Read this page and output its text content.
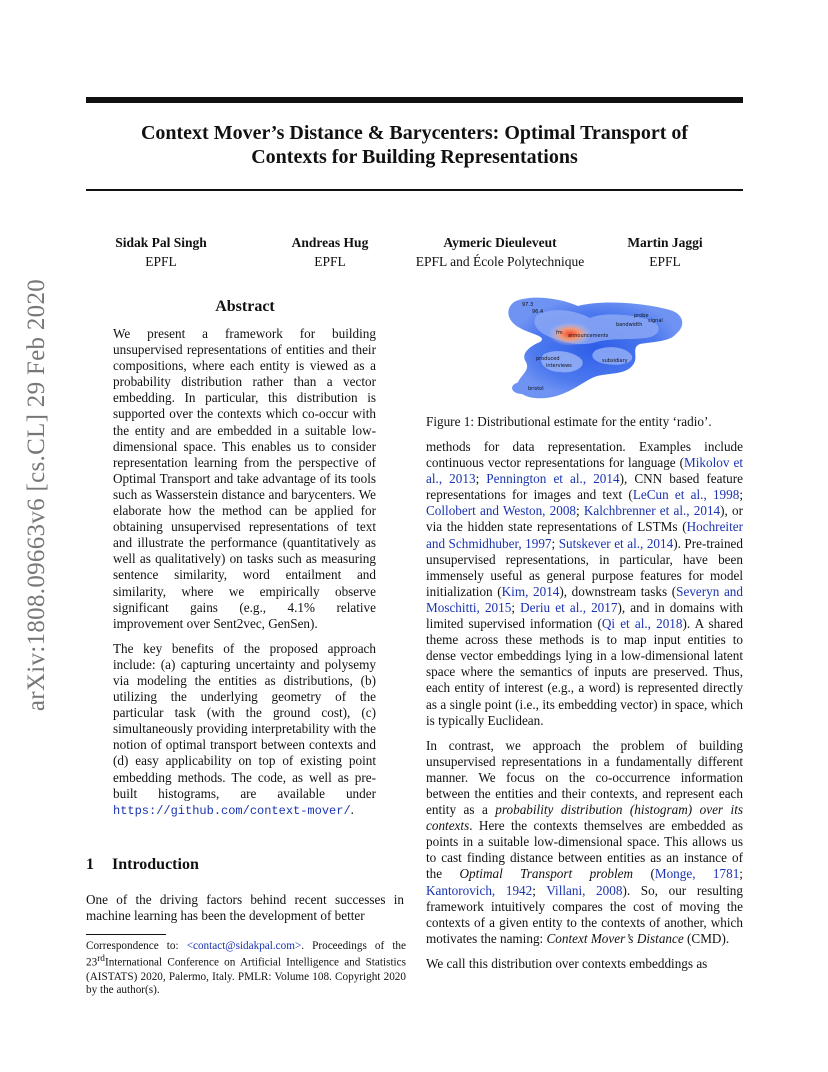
arXiv:1808.09663v6 [cs.CL] 29 Feb 2020
Context Mover’s Distance & Barycenters: Optimal Transport of
Contexts for Building Representations
Sidak Pal Singh
EPFL
Andreas Hug
EPFL
Aymeric Dieuleveut
EPFL and École Polytechnique
Martin Jaggi
EPFL
Abstract

We present a framework for building unsupervised representations of entities and their compositions, where each entity is viewed as a probability distribution rather than a vector embedding. In particular, this distribution is supported over the contexts which co-occur with the entity and are embedded in a suitable low-dimensional space. This enables us to consider representation learning from the perspective of Optimal Transport and take advantage of its tools such as Wasserstein distance and barycenters. We elaborate how the method can be applied for obtaining unsupervised representations of text and illustrate the performance (quantitatively as well as qualitatively) on tasks such as measuring sentence similarity, word entailment and similarity, where we empirically observe significant gains (e.g., 4.1% relative improvement over Sent2vec, GenSen).

The key benefits of the proposed approach include: (a) capturing uncertainty and polysemy via modeling the entities as distributions, (b) utilizing the underlying geometry of the particular task (with the ground cost), (c) simultaneously providing interpretability with the notion of optimal transport between contexts and (d) easy applicability on top of existing point embedding methods. The code, as well as pre-built histograms, are available under https://github.com/context-mover/.

1 Introduction

One of the driving factors behind recent successes in machine learning has been the development of better

Correspondence to: <contact@sidakpal.com>. Proceedings of the 23rdInternational Conference on Artificial Intelligence and Statistics (AISTATS) 2020, Palermo, Italy. PMLR: Volume 108. Copyright 2020 by the author(s).
97.3
96.4
probe
signal
bandwidth
fm announcements
produced
interviews
subsidiary
bristol
Figure 1: Distributional estimate for the entity ‘radio’.

methods for data representation. Examples include continuous vector representations for language (Mikolov et al., 2013; Pennington et al., 2014), CNN based feature representations for images and text (LeCun et al., 1998; Collobert and Weston, 2008; Kalchbrenner et al., 2014), or via the hidden state representations of LSTMs (Hochreiter and Schmidhuber, 1997; Sutskever et al., 2014). Pre-trained unsupervised representations, in particular, have been immensely useful as general purpose features for model initialization (Kim, 2014), downstream tasks (Severyn and Moschitti, 2015; Deriu et al., 2017), and in domains with limited supervised information (Qi et al., 2018). A shared theme across these methods is to map input entities to dense vector embeddings lying in a low-dimensional latent space where the semantics of inputs are preserved. Thus, each entity of interest (e.g., a word) is represented directly as a single point (i.e., its embedding vector) in space, which is typically Euclidean.

In contrast, we approach the problem of building unsupervised representations in a fundamentally different manner. We focus on the co-occurrence information between the entities and their contexts, and represent each entity as a probability distribution (histogram) over its contexts. Here the contexts themselves are embedded as points in a suitable low-dimensional space. This allows us to cast finding distance between entities as an instance of the Optimal Transport problem (Monge, 1781; Kantorovich, 1942; Villani, 2008). So, our resulting framework intuitively compares the cost of moving the contexts of a given entity to the contexts of another, which motivates the naming: Context Mover’s Distance (CMD).

We call this distribution over contexts embeddings as
